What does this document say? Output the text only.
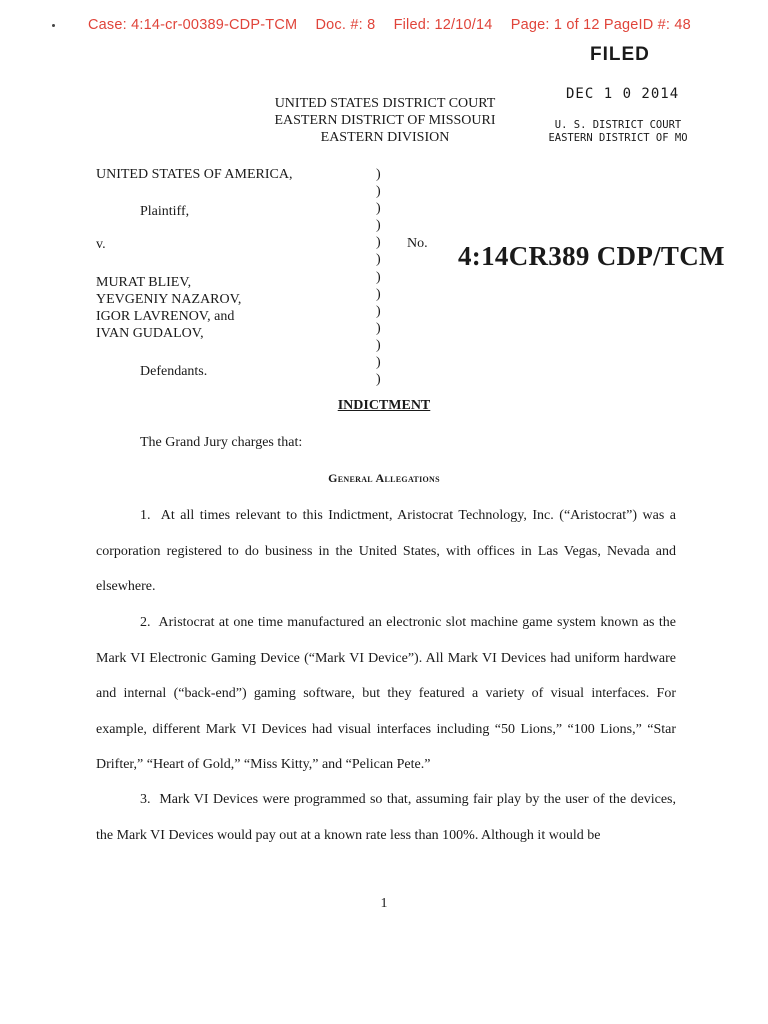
Case: 4:14-cr-00389-CDP-TCM Doc. #: 8 Filed: 12/10/14 Page: 1 of 12 PageID #: 48
FILED
DEC 1 0 2014
U. S. DISTRICT COURT
EASTERN DISTRICT OF MO
UNITED STATES DISTRICT COURT
EASTERN DISTRICT OF MISSOURI
EASTERN DIVISION
UNITED STATES OF AMERICA,
Plaintiff,
v.
MURAT BLIEV,
YEVGENIY NAZAROV,
IGOR LAVRENOV, and
IVAN GUDALOV,
Defendants.
)
)
)
)
)
)
)
)
)
)
)
)
)
No. 4:14CR389 CDP/TCM
INDICTMENT
The Grand Jury charges that:
General Allegations
1. At all times relevant to this Indictment, Aristocrat Technology, Inc. (“Aristocrat”) was a corporation registered to do business in the United States, with offices in Las Vegas, Nevada and elsewhere.
2. Aristocrat at one time manufactured an electronic slot machine game system known as the Mark VI Electronic Gaming Device (“Mark VI Device”). All Mark VI Devices had uniform hardware and internal (“back-end”) gaming software, but they featured a variety of visual interfaces. For example, different Mark VI Devices had visual interfaces including “50 Lions,” “100 Lions,” “Star Drifter,” “Heart of Gold,” “Miss Kitty,” and “Pelican Pete.”
3. Mark VI Devices were programmed so that, assuming fair play by the user of the devices, the Mark VI Devices would pay out at a known rate less than 100%. Although it would be
1
